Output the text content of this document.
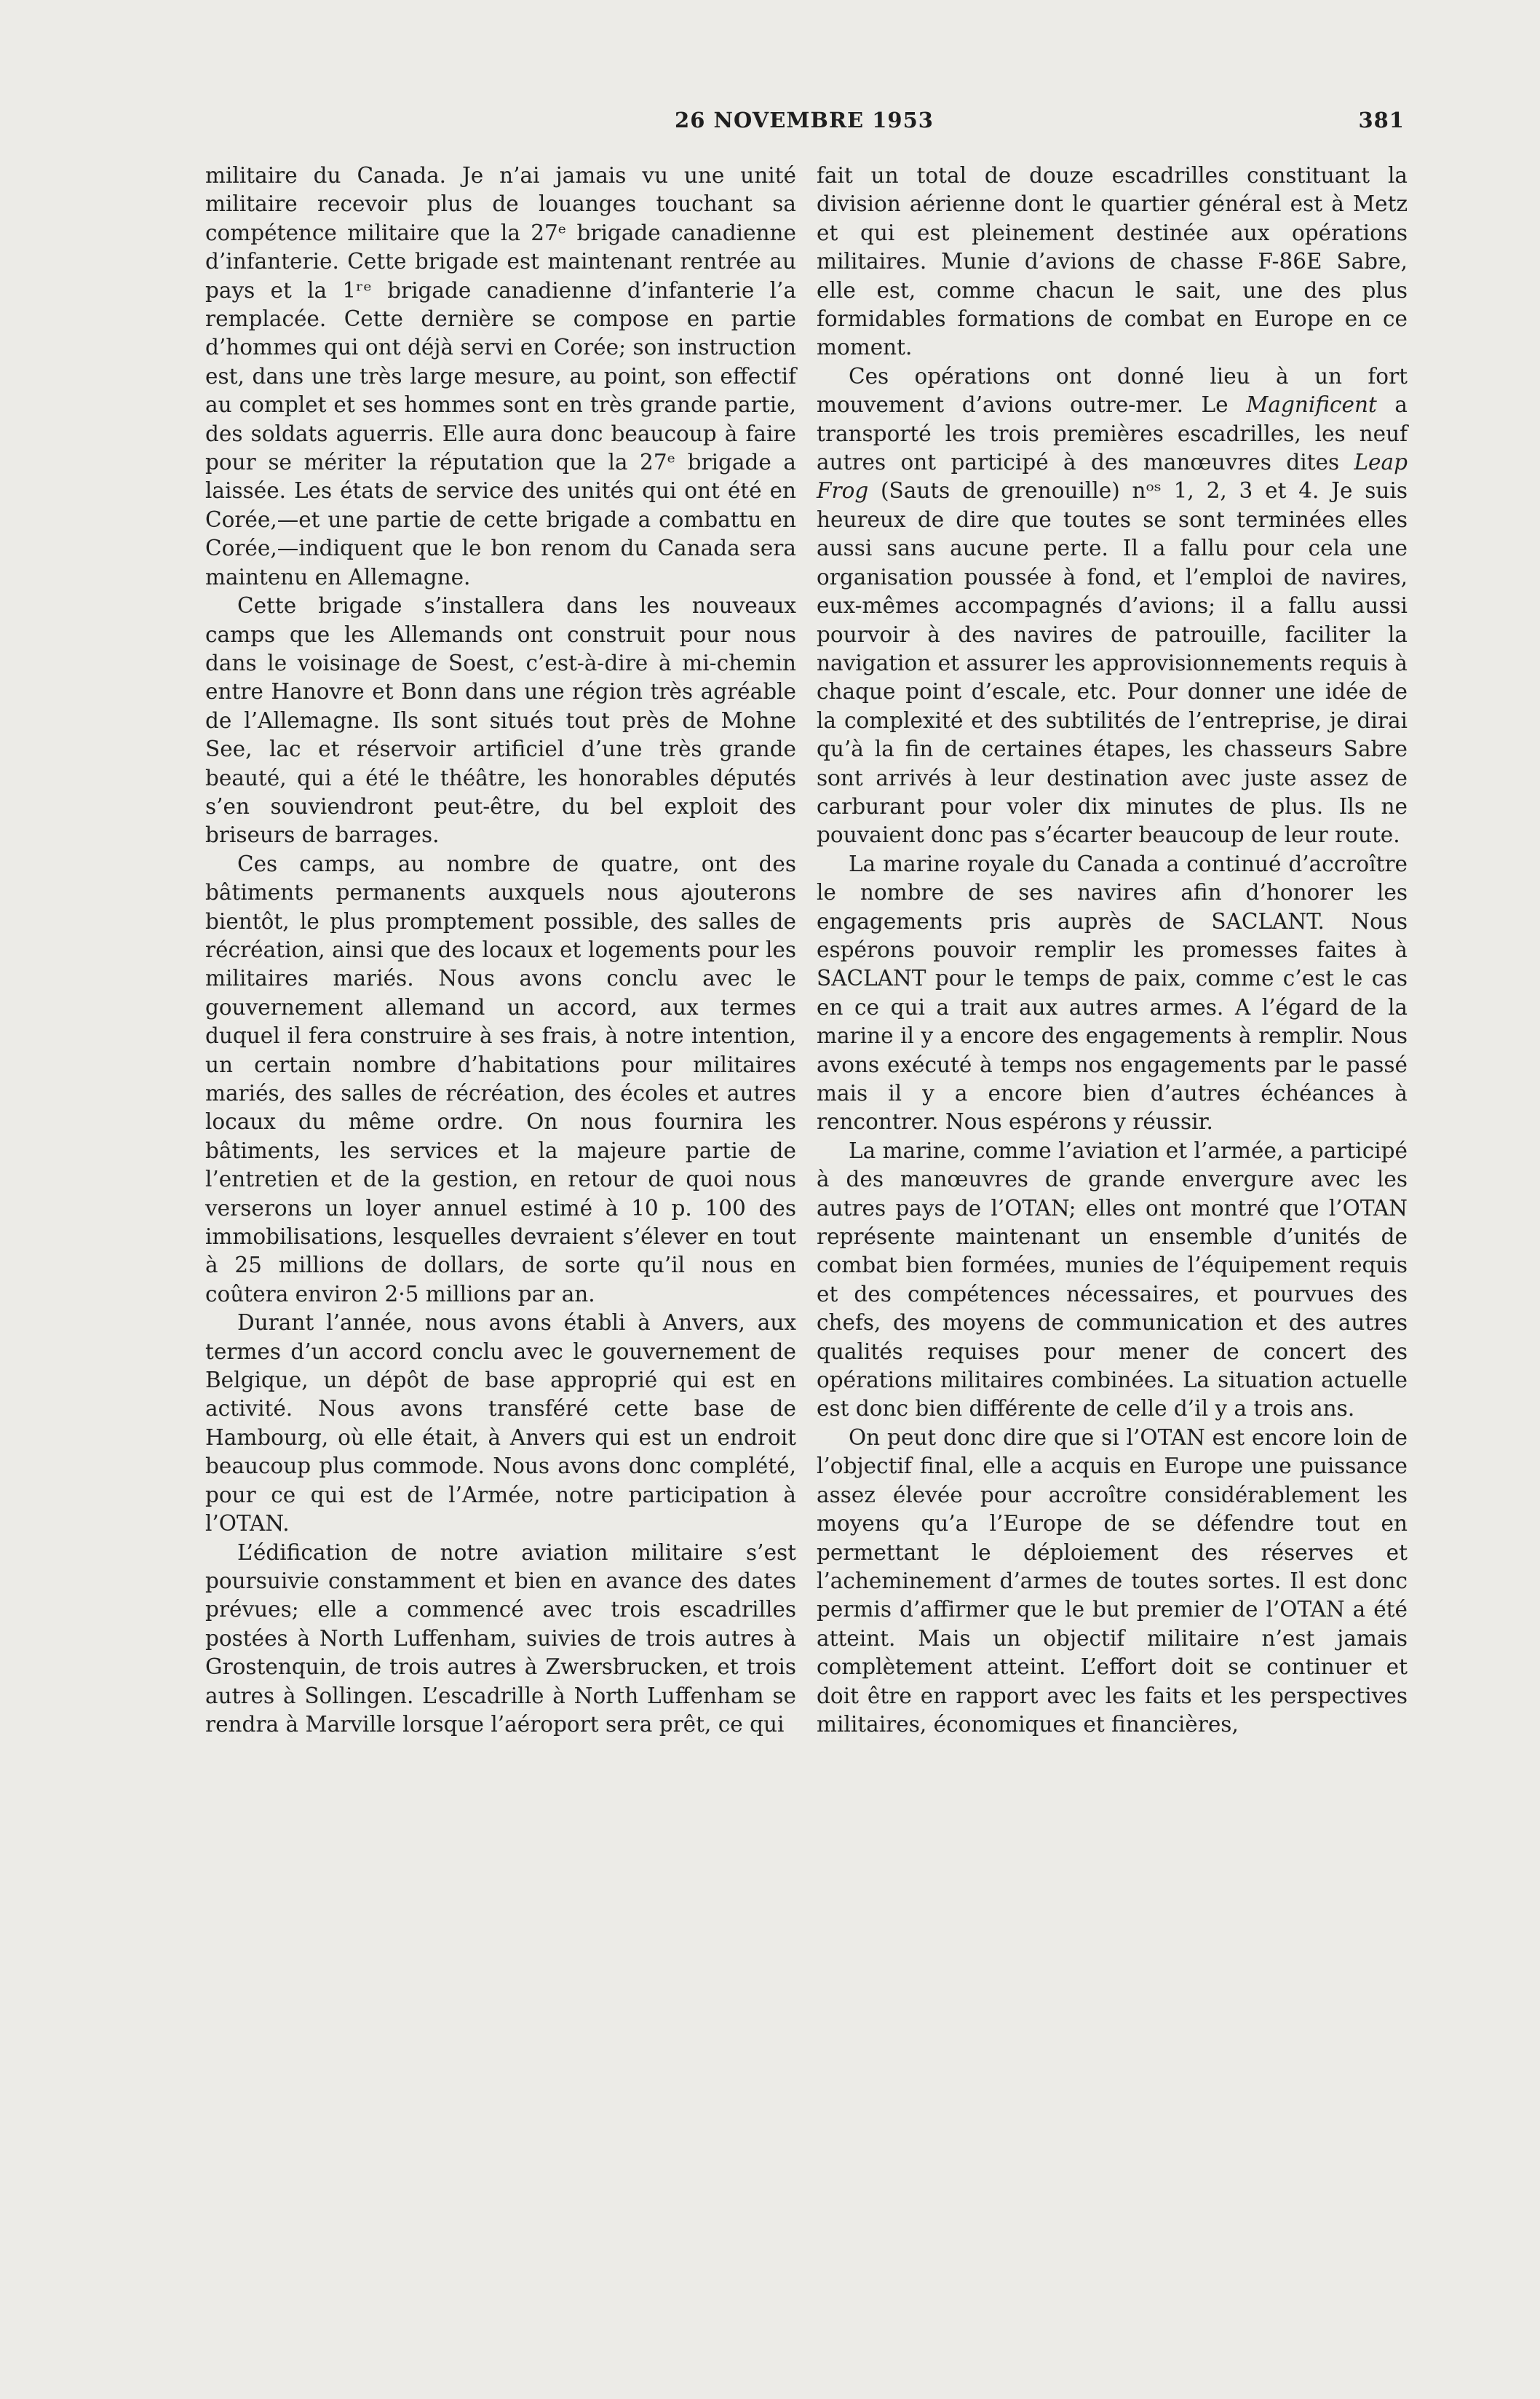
26 NOVEMBRE 1953	381

militaire du Canada. Je n’ai jamais vu une unité militaire recevoir plus de louanges touchant sa compétence militaire que la 27ᵉ brigade canadienne d’infanterie. Cette brigade est maintenant rentrée au pays et la 1ʳᵉ brigade canadienne d’infanterie l’a remplacée. Cette dernière se compose en partie d’hommes qui ont déjà servi en Corée; son instruction est, dans une très large mesure, au point, son effectif au complet et ses hommes sont en très grande partie, des soldats aguerris. Elle aura donc beaucoup à faire pour se mériter la réputation que la 27ᵉ brigade a laissée. Les états de service des unités qui ont été en Corée,—et une partie de cette brigade a combattu en Corée,—indiquent que le bon renom du Canada sera maintenu en Allemagne.

Cette brigade s’installera dans les nouveaux camps que les Allemands ont construit pour nous dans le voisinage de Soest, c’est-à-dire à mi-chemin entre Hanovre et Bonn dans une région très agréable de l’Allemagne. Ils sont situés tout près de Mohne See, lac et réservoir artificiel d’une très grande beauté, qui a été le théâtre, les honorables députés s’en souviendront peut-être, du bel exploit des briseurs de barrages.

Ces camps, au nombre de quatre, ont des bâtiments permanents auxquels nous ajouterons bientôt, le plus promptement possible, des salles de récréation, ainsi que des locaux et logements pour les militaires mariés. Nous avons conclu avec le gouvernement allemand un accord, aux termes duquel il fera construire à ses frais, à notre intention, un certain nombre d’habitations pour militaires mariés, des salles de récréation, des écoles et autres locaux du même ordre. On nous fournira les bâtiments, les services et la majeure partie de l’entretien et de la gestion, en retour de quoi nous verserons un loyer annuel estimé à 10 p. 100 des immobilisations, lesquelles devraient s’élever en tout à 25 millions de dollars, de sorte qu’il nous en coûtera environ 2·5 millions par an.

Durant l’année, nous avons établi à Anvers, aux termes d’un accord conclu avec le gouvernement de Belgique, un dépôt de base approprié qui est en activité. Nous avons transféré cette base de Hambourg, où elle était, à Anvers qui est un endroit beaucoup plus commode. Nous avons donc complété, pour ce qui est de l’Armée, notre participation à l’OTAN.

L’édification de notre aviation militaire s’est poursuivie constamment et bien en avance des dates prévues; elle a commencé avec trois escadrilles postées à North Luffenham, suivies de trois autres à Grostenquin, de trois autres à Zwersbrucken, et trois autres à Sollingen. L’escadrille à North Luffenham se rendra à Marville lorsque l’aéroport sera prêt, ce qui

fait un total de douze escadrilles constituant la division aérienne dont le quartier général est à Metz et qui est pleinement destinée aux opérations militaires. Munie d’avions de chasse F-86E Sabre, elle est, comme chacun le sait, une des plus formidables formations de combat en Europe en ce moment.

Ces opérations ont donné lieu à un fort mouvement d’avions outre-mer. Le Magnificent a transporté les trois premières escadrilles, les neuf autres ont participé à des manœuvres dites Leap Frog (Sauts de grenouille) nᵒˢ 1, 2, 3 et 4. Je suis heureux de dire que toutes se sont terminées elles aussi sans aucune perte. Il a fallu pour cela une organisation poussée à fond, et l’emploi de navires, eux-mêmes accompagnés d’avions; il a fallu aussi pourvoir à des navires de patrouille, faciliter la navigation et assurer les approvisionnements requis à chaque point d’escale, etc. Pour donner une idée de la complexité et des subtilités de l’entreprise, je dirai qu’à la fin de certaines étapes, les chasseurs Sabre sont arrivés à leur destination avec juste assez de carburant pour voler dix minutes de plus. Ils ne pouvaient donc pas s’écarter beaucoup de leur route.

La marine royale du Canada a continué d’accroître le nombre de ses navires afin d’honorer les engagements pris auprès de SACLANT. Nous espérons pouvoir remplir les promesses faites à SACLANT pour le temps de paix, comme c’est le cas en ce qui a trait aux autres armes. A l’égard de la marine il y a encore des engagements à remplir. Nous avons exécuté à temps nos engagements par le passé mais il y a encore bien d’autres échéances à rencontrer. Nous espérons y réussir.

La marine, comme l’aviation et l’armée, a participé à des manœuvres de grande envergure avec les autres pays de l’OTAN; elles ont montré que l’OTAN représente maintenant un ensemble d’unités de combat bien formées, munies de l’équipement requis et des compétences nécessaires, et pourvues des chefs, des moyens de communication et des autres qualités requises pour mener de concert des opérations militaires combinées. La situation actuelle est donc bien différente de celle d’il y a trois ans.

On peut donc dire que si l’OTAN est encore loin de l’objectif final, elle a acquis en Europe une puissance assez élevée pour accroître considérablement les moyens qu’a l’Europe de se défendre tout en permettant le déploiement des réserves et l’acheminement d’armes de toutes sortes. Il est donc permis d’affirmer que le but premier de l’OTAN a été atteint. Mais un objectif militaire n’est jamais complètement atteint. L’effort doit se continuer et doit être en rapport avec les faits et les perspectives militaires, économiques et financières,
